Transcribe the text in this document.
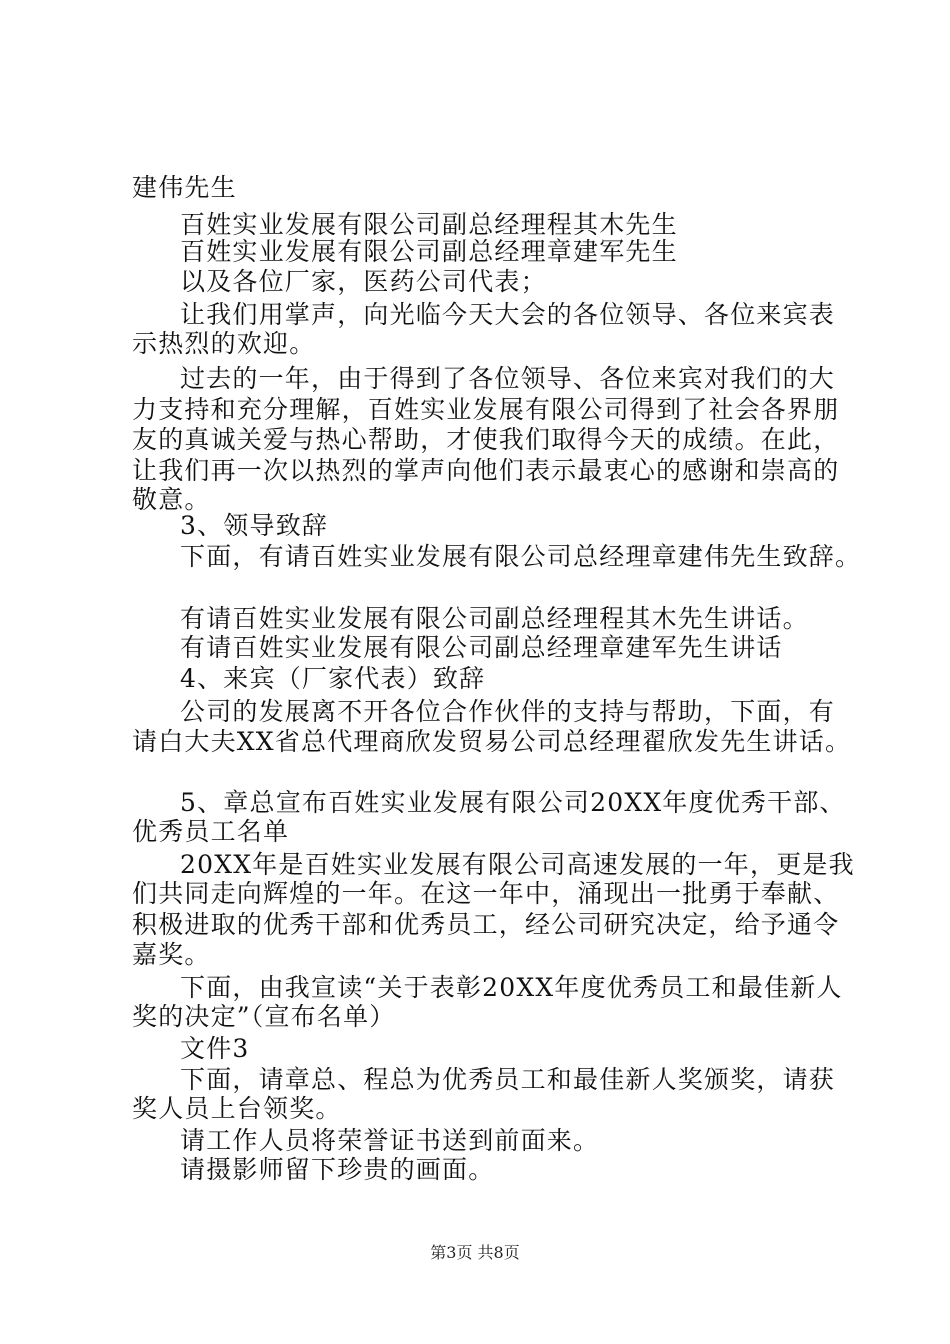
建伟先生
百姓实业发展有限公司副总经理程其木先生
百姓实业发展有限公司副总经理章建军先生
以及各位厂家，医药公司代表；
让我们用掌声，向光临今天大会的各位领导、各位来宾表
示热烈的欢迎。
过去的一年，由于得到了各位领导、各位来宾对我们的大
力支持和充分理解，百姓实业发展有限公司得到了社会各界朋
友的真诚关爱与热心帮助，才使我们取得今天的成绩。在此，
让我们再一次以热烈的掌声向他们表示最衷心的感谢和崇高的
敬意。
3、领导致辞
下面，有请百姓实业发展有限公司总经理章建伟先生致辞。
有请百姓实业发展有限公司副总经理程其木先生讲话。
有请百姓实业发展有限公司副总经理章建军先生讲话
4、来宾（厂家代表）致辞
公司的发展离不开各位合作伙伴的支持与帮助，下面，有
请白大夫XX省总代理商欣发贸易公司总经理翟欣发先生讲话。
5、章总宣布百姓实业发展有限公司20XX年度优秀干部、
优秀员工名单
20XX年是百姓实业发展有限公司高速发展的一年，更是我
们共同走向辉煌的一年。在这一年中，涌现出一批勇于奉献、
积极进取的优秀干部和优秀员工，经公司研究决定，给予通令
嘉奖。
下面，由我宣读“关于表彰20XX年度优秀员工和最佳新人
奖的决定”（宣布名单）
文件3
下面，请章总、程总为优秀员工和最佳新人奖颁奖，请获
奖人员上台领奖。
请工作人员将荣誉证书送到前面来。
请摄影师留下珍贵的画面。
第3页 共8页
